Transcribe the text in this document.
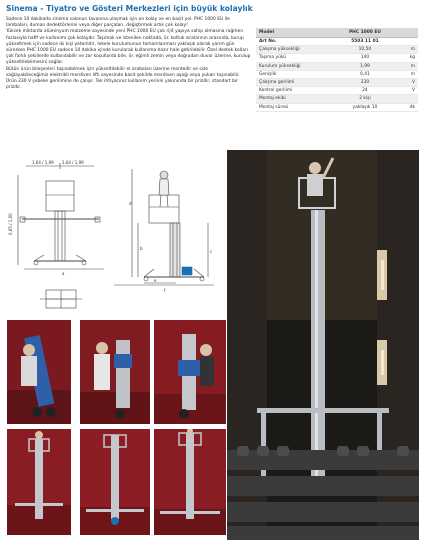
Sinema - Tiyatro ve Gösteri Merkezleri için büyük kolaylık

Sadece 10 dakikada sinema salonun tavanına ulaşmak için en kolay ve en basit yol. PHC 1000 EU ile lambaları, duman dedektörlerini veya diğer parçaları, değiştirmek artık çok kolay!

Yüksek miktarda alüminyum malzeme sayesinde yeni PHC 1000 EU çok rijit yapıya sahip olmasına rağmen fazlasıyla hafif ve kullanımı çok kolaydır. Taşımak ve istenilen noktada, ör. koltuk sıralarının arasında, kurup yükseltmek için sadece iki kişi yeterlidir, lekele kurulumunun tamamlanması yaklaşık olarak yarım gün sürerken PHC 1000 EU sadece 10 dakika içinde kurularak kullanıma hazır hale getirilebilir. Özel destek kolları çok farklı şekillerde kullanılabilir ve zor koşullarda bile, ör. eğimli zemin veya doğrudan duvar üzerine, kurulup yükseltilebilmesini sağlar.

Bütün ürün bileşenleri taşınabilmek için yükseltilebilir el arabaları üzerine montedir ve size sağlayabileceğimiz elektrikli merdiven lifti sayesinde basit şekilde merdiven aşağı veya yukarı taşınabilir. Ürün 230 V şebeke gerilimine de çalışır. Tek ihtiyacınız kullanım yerinin yakınında bir prizdir, standart bir prizdir.

Model	PHC 1000 EU	
Art No.	5503 11 01	
Çalışma yüksekliği	10,50	m
Taşıma yükü	140	kg
Kurulum yüksekliği	1,99	m
Genişlik	0,41	m
Çalışma gerilimi	230	V
Kontrol gerilimi	24	V
Montaj ekibi	2 kişi	
Montaj süresi	yaklaşık 10	dk
1,64 / 1,99 1,64 / 1,99
0,65 / 1,00
a
d
b
c
f
e
